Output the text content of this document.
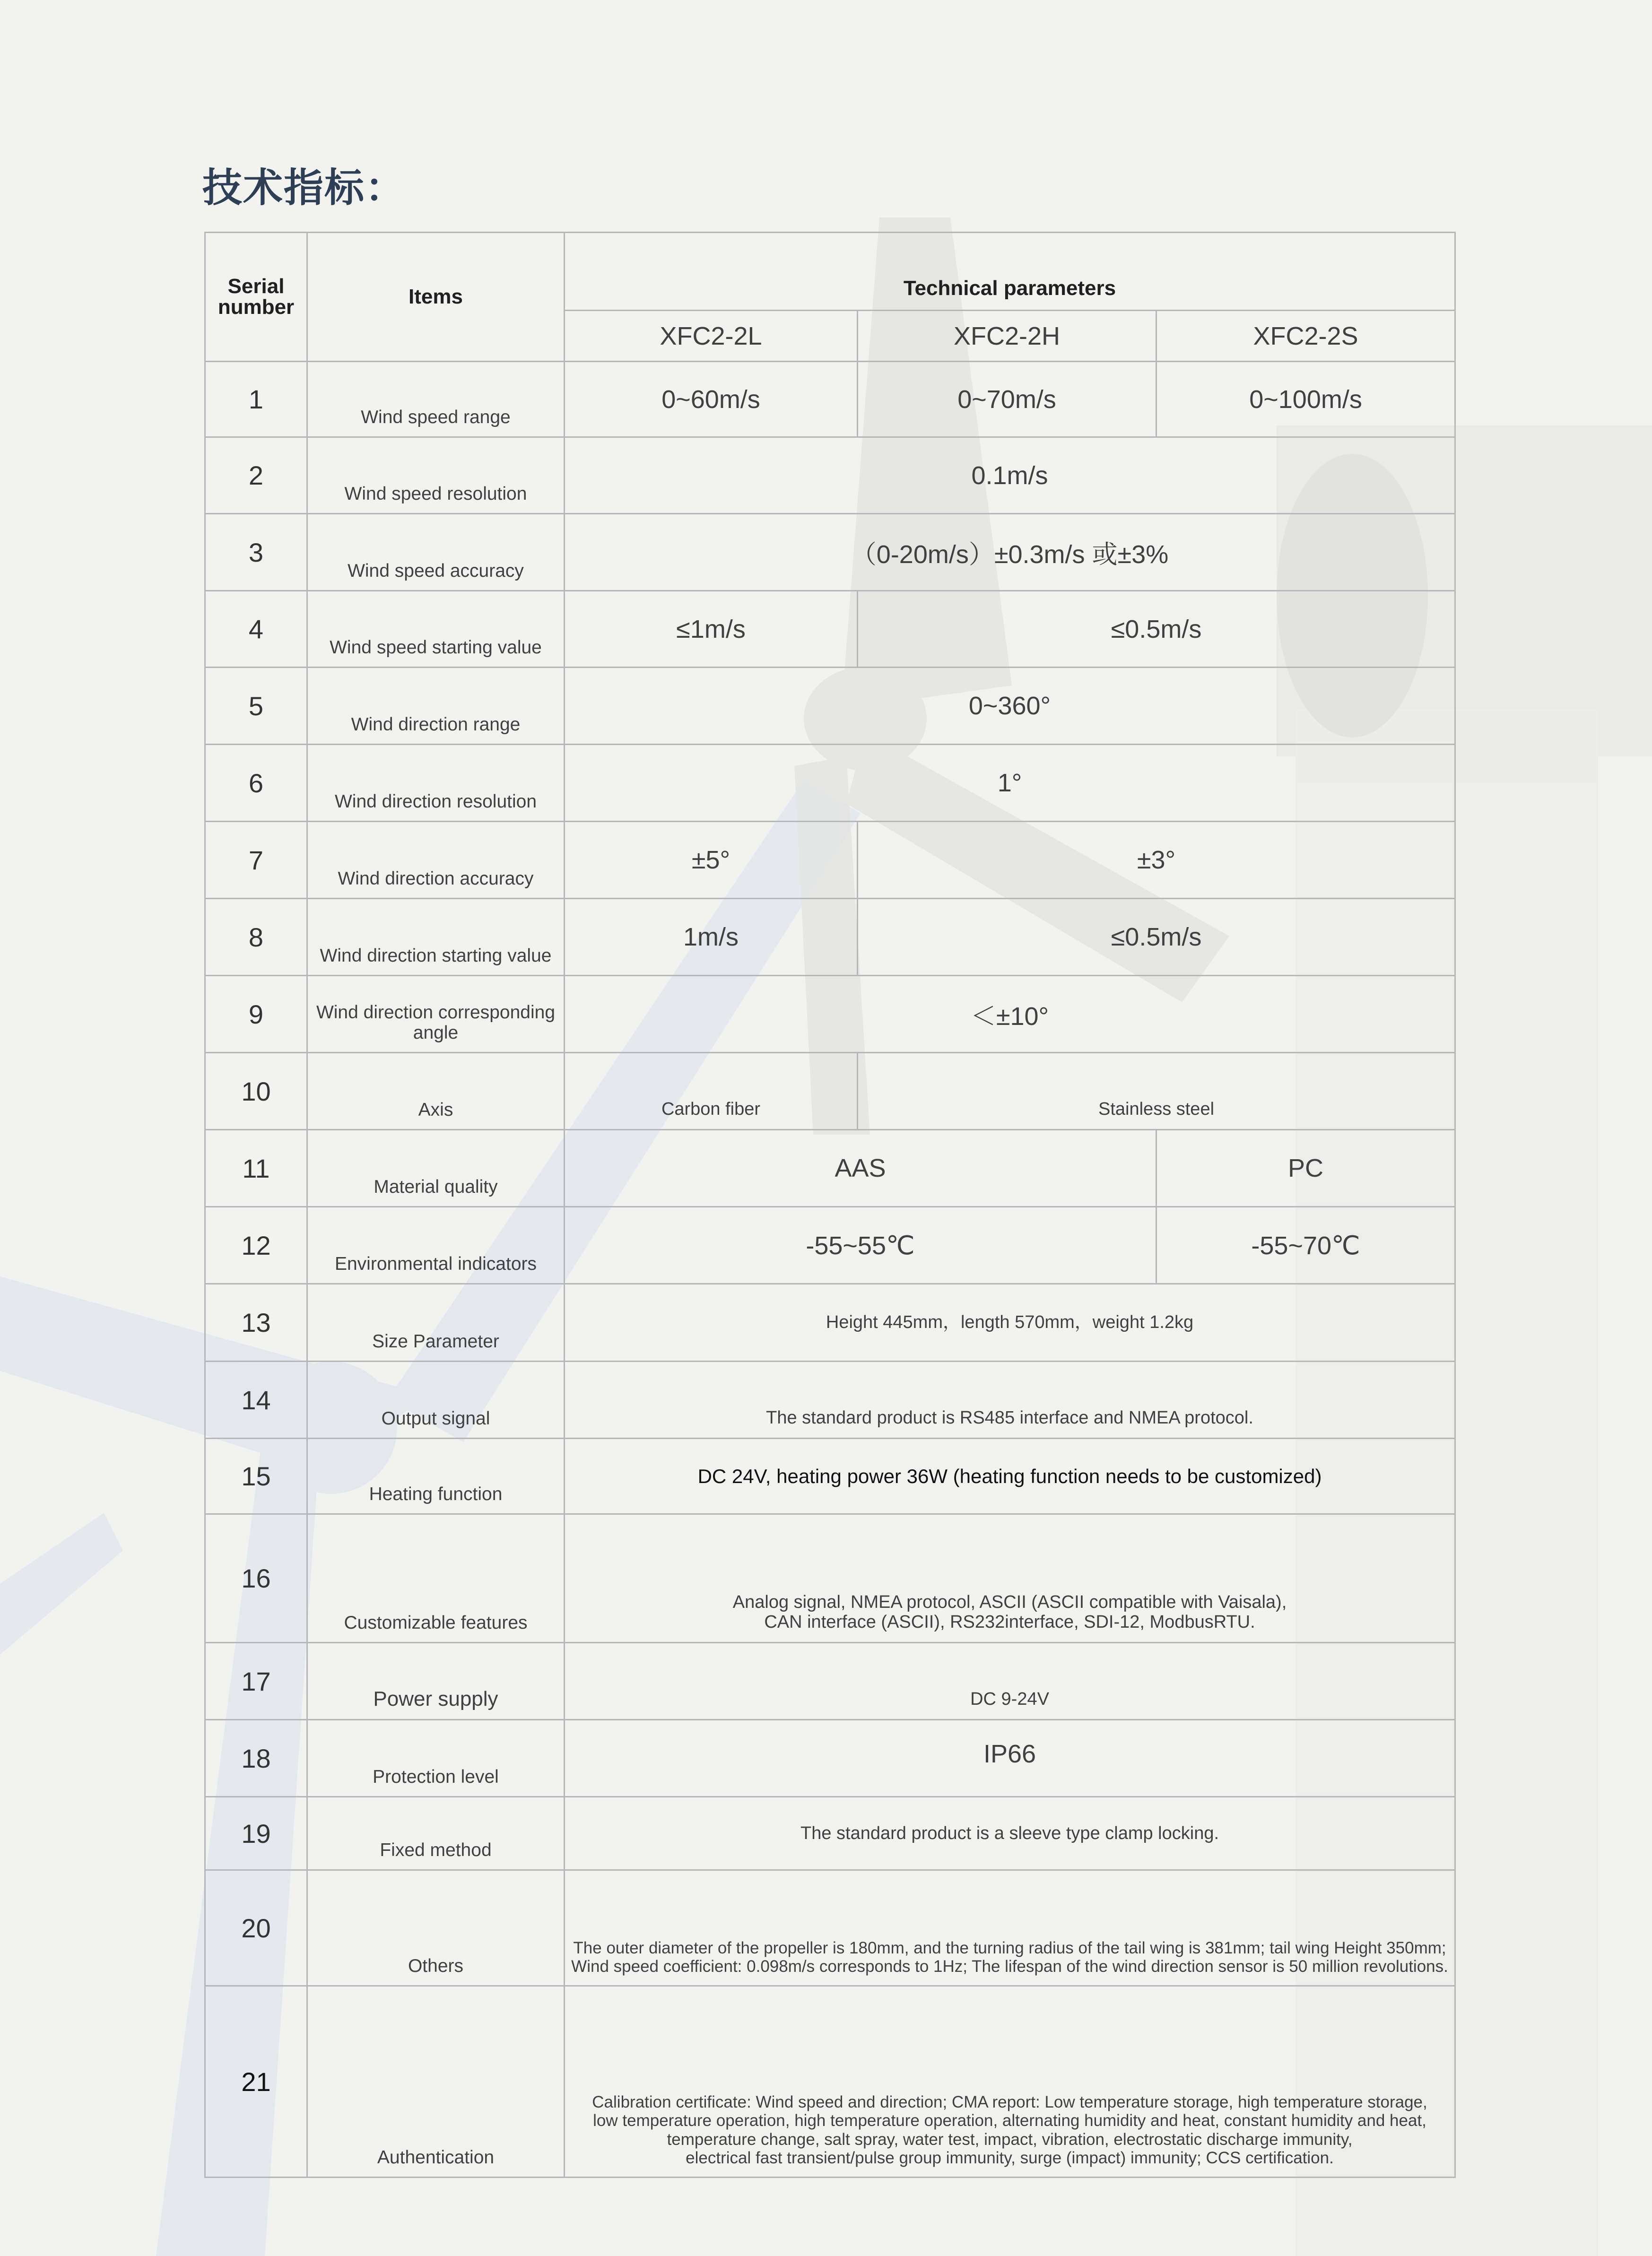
技术指标：
Serial number	Items	Technical parameters		
		XFC2-2L	XFC2-2H	XFC2-2S
1	Wind speed range	0~60m/s	0~70m/s	0~100m/s
2	Wind speed resolution	0.1m/s		
3	Wind speed accuracy	（0-20m/s）±0.3m/s 或±3%		
4	Wind speed starting value	≤1m/s	≤0.5m/s	
5	Wind direction range	0~360°		
6	Wind direction resolution	1°		
7	Wind direction accuracy	±5°	±3°	
8	Wind direction starting value	1m/s	≤0.5m/s	
9	Wind direction corresponding angle	＜±10°		
10	Axis	Carbon fiber	Stainless steel	
11	Material quality	AAS		PC
12	Environmental indicators	-55~55℃		-55~70℃
13	Size Parameter	Height 445mm，length 570mm，weight 1.2kg		
14	Output signal	The standard product is RS485 interface and NMEA protocol.		
15	Heating function	DC 24V, heating power 36W (heating function needs to be customized)		
16	Customizable features	Analog signal, NMEA protocol, ASCII (ASCII compatible with Vaisala),
CAN interface (ASCII), RS232interface, SDI-12, ModbusRTU.		

17	Power supply	DC 9-24V		
18	Protection level	IP66		
19	Fixed method	The standard product is a sleeve type clamp locking.		
20	Others	The outer diameter of the propeller is 180mm, and the turning radius of the tail wing is 381mm; tail wing Height 350mm;
Wind speed coefficient: 0.098m/s corresponds to 1Hz; The lifespan of the wind direction sensor is 50 million revolutions.		

21	Authentication	Calibration certificate: Wind speed and direction; CMA report: Low temperature storage, high temperature storage,
low temperature operation, high temperature operation, alternating humidity and heat, constant humidity and heat,
temperature change, salt spray, water test, impact, vibration, electrostatic discharge immunity,
electrical fast transient/pulse group immunity, surge (impact) immunity; CCS certification.		
